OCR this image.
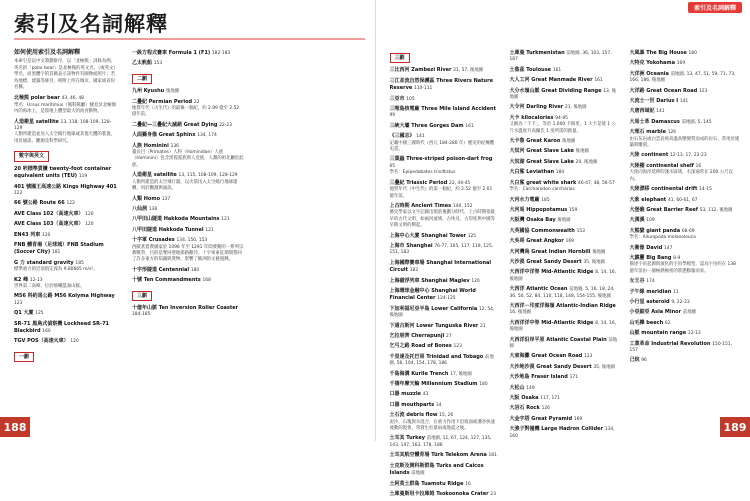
索引及名詞解釋
如何使用索引及名詞解釋
本索引是以中文筆劃排序，以「北極熊」詞條為例，英名的「polar bear」是北極熊的英文名，（或英文）學名，而黑體字的頁碼表示該物件有圖像或照片；若為地標、建築等條目，則附上所在城市、國家或省份名稱。
北極熊 polar bear 43, 46, 48
學名：Ursus maritimus（熊科熊屬）棲息於北極圈內的海冰上，是陸地上體型最大的肉食動物。
人造衛星 satellite 13, 118, 108-109, 128-129
人類所建造並送入太空繞行地球或其他天體的裝置，用於通訊、觀測及科學研究。
數字與英文
20 呎標準貨櫃 twenty-foot container equivalent units (TEU) 119
401 號國王高速公路 Kings Highway 401 122
66 號公路 Route 66 122
AVE Class 102（高速火車） 120
AVE Class 103（高速火車） 120
EN43 列車 120
FNB 體育場（足球城）FNB Stadium (Soccer City) 181
G 力 standard gravity 185
標準重力的近似值定義為 9.80665 m/s²。
K2 峰 12-13
世界第二高峰，位於喀喇崑崙山脈。
M56 科約馬公路 M56 Kolyma Highway 123
Q1 大廈 125
SR-71 黑鳥式偵察機 Lockheed SR-71 Blackbird 160
TGV POS（高速火車） 120
一劃
一級方程式賽車 Formula 1 (F1) 182-183
乙太帆船 153
二劃
九州 Kyushu 後地圖
二疊紀 Permian Period 22
地質年代（古生代）的最後一個紀，約 2.99 億至 2.52 億年前。
二疊紀—三疊紀大滅絕 Great Dying 22-23
人面獅身像 Great Sphinx 134, 174
人族 Hominini 136
靈長目（Primates）人科（Hominidae）人族（Hominini）包含黑猩猩族與人亞族，人類的祖先屬於此族。
人造衛星 satellite 13, 115, 108-109, 128-129
人類所建造的太空飛行器，以火箭送入太空繞行地球運轉，用於觀測與通訊。
人類 Homo 137
八仙洞 138
八甲田山隧道 Hakkoda Mountains 121
八甲田隧道 Hakkoda Tunnel 121
十字軍 Crusades 134, 150, 153
西歐基督教國家於 1096 年至 1291 年間發動的一系列宗教戰爭，目的是奪回聖地耶路撒冷。十字軍東征期間帶回了許多東方的知識與貨物，影響了歐洲的文藝復興。
十字形隧道 Centennial 180
十號 Ten Commandments 168
三劃
十億年山脈 Ten Inversion Roller Coaster 184-185
188
索引及名詞解釋
三劃
三比西河 Zambezi River 21, 57, 後地圖
三江並流自然保護區 Three Rivers Nature Reserve 110-111
三亞市 105
三哩島核電廠 Three Mile Island Accident 99
三峽大壩 Three Gorges Dam 161
《三國志》 141
記載中國三國時代（西元 184-280 年）歷史的紀傳體史書。
三葉蟲 Three-striped poison-dart frog 65
學名：Epipedobates trivittatus
三疊紀 Triassic Period 22, 44-45
地質年代（中生代）的第一個紀，約 2.52 億至 2.01 億年前。
上古時期 Ancient Times 140, 152
歷史學家以文字記錄出現前後劃分時代，上古時期指最早的古代文明，如兩河流域、古埃及、古印度與中國等早期文明的興起。
上海中心大廈 Shanghai Tower 125
上海市 Shanghai 76-77, 105, 117, 119, 125, 151, 183
上海國際賽車場 Shanghai International Circuit 183
上海磁浮列車 Shanghai Maglev 120
上海環球金融中心 Shanghai World Financial Center 124-125
下加利福尼亞半島 Lower California 12, 54, 後地圖
下通古斯河 Lower Tunguska River 21
乞拉朋齊 Cherrapunji 27
乞丐之路 Road of Bones 123
千里達及托巴哥 Trinidad and Tobago 前地圖, 56, 104, 154, 178, 186
千島海溝 Kurile Trench 17, 後地圖
千禧年摩天輪 Millennium Stadium 180
口器 muzzle 43
口器 mouthparts 34
土石流 debris flow 15, 26
泥沙、石塊與水混合，在重力作用下沿坡面或溝谷快速流動的現象，常發生於暴雨或地震之後。
土耳其 Turkey 前地圖, 11, 67, 124, 127, 135, 143, 147, 163, 178, 186
土耳其航空體育場 Türk Telekom Arena 181
土克斯及開科斯群島 Turks and Caicos Islands 前地圖
土阿莫土群島 Tuamotu Ridge 16
土庫曼斯坦卡拉庫姆 Tsokoonoka Crater 23
土庫曼 Turkmenistan 前地圖, 36, 103, 157, 187
土魯茲 Toulouse 161
大人工河 Great Manmade River 161
大分水嶺山脈 Great Dividing Range 13, 後地圖
大令河 Darling River 21, 後地圖
大卡 kilocalories 94-95
又稱為「千卡」，等於 1,000 卡路里，1 大卡是使 1 公斤水溫度升高攝氏 1 度所需的熱量。
大卡魯 Great Karoo 後地圖
大奴河 Great Slave Lake 後地圖
大奴湖 Great Slave Lake 20, 後地圖
大白鯊 Leviathan 184
大白鯊 great white shark 46-47, 48, 56-57
學名：Carcharodon carcharias
大丙水力電廠 185
大河馬 Hippopotamus 159
大阪灣 Osaka Bay 後地圖
大英國協 Commonwealth 153
大吳哥 Great Angkor 169
大河灣鳥 Great Indian Hornbill 後地圖
大沙漠 Great Sandy Desert 35, 後地圖
大西洋中洋脊 Mid-Atlantic Ridge 8, 14, 16, 後地圖
大西洋 Atlantic Ocean 前地圖, 5, 16, 18, 24, 36, 50, 52, 84, 110, 118, 148, 154-155, 後地圖
大西洋－印度洋海嶺 Atlantic-Indian Ridge 16, 後地圖
大西洋洋中脊 Mid-Atlantic Ridge 8, 14, 16, 後地圖
大西洋沿岸平原 Atlantic Coastal Plain 前地圖
大東海灘 Great Ocean Road 123
大沙地沙漠 Great Sandy Desert 35, 後地圖
大沙地島 Fraser Island 171
大松山 149
大阪 Osaka 117, 171
大岩石 Rock 126
大金字塔 Great Pyramid 169
大強子對撞機 Large Hadron Collider 134, 160
大風暴 The Big House 180
大特克 Yokohama 169
大洋洲 Oceania 前地圖, 13, 47, 51, 59, 71, 73, 166, 186, 後地圖
大洋路 Great Ocean Road 123
大流士一世 Darius I 141
大唐西域記 141
大馬士革 Damascus 前地圖, 5, 145
大理石 marble 126
由石灰岩或白雲岩經高溫高壓變質而成的岩石，常用於建築與雕刻。
大陸 continent 12-13, 17, 22-23
大陸棚 continental shelf 16
大陸向海洋延伸的淺水區域，水深通常在 200 公尺以內。
大陸漂移 continental drift 14-15
大象 elephant 41, 60-61, 67
大堡礁 Great Barrier Reef 53, 112, 後地圖
大漢溪 109
大熊貓 giant panda 68-69
學名：Ailuropoda melanoleuca
大衛像 David 147
大霹靂 Big Bang 8-9
描述宇宙起源與演化的宇宙學模型，認為宇宙約在 138 億年前由一個極熱極密的狀態膨脹而來。
女王谷 174
子午線 meridian 11
小行星 asteroid 9, 22-23
小亞細亞 Asia Minor 前地圖
山毛櫸 beech 62
山脈 mountain range 12-13
工業革命 Industrial Revolution 150-151, 157
己烷 96
189
